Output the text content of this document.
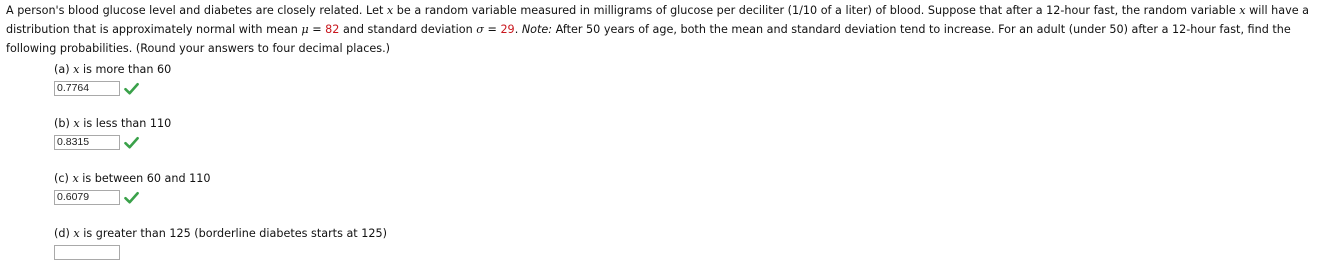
A person's blood glucose level and diabetes are closely related. Let x be a random variable measured in milligrams of glucose per deciliter (1/10 of a liter) of blood. Suppose that after a 12-hour fast, the random variable x will have a distribution that is approximately normal with mean μ = 82 and standard deviation σ = 29. Note: After 50 years of age, both the mean and standard deviation tend to increase. For an adult (under 50) after a 12-hour fast, find the following probabilities. (Round your answers to four decimal places.)

(a) x is more than 60
0.7764
(b) x is less than 110
0.8315
(c) x is between 60 and 110
0.6079
(d) x is greater than 125 (borderline diabetes starts at 125)
